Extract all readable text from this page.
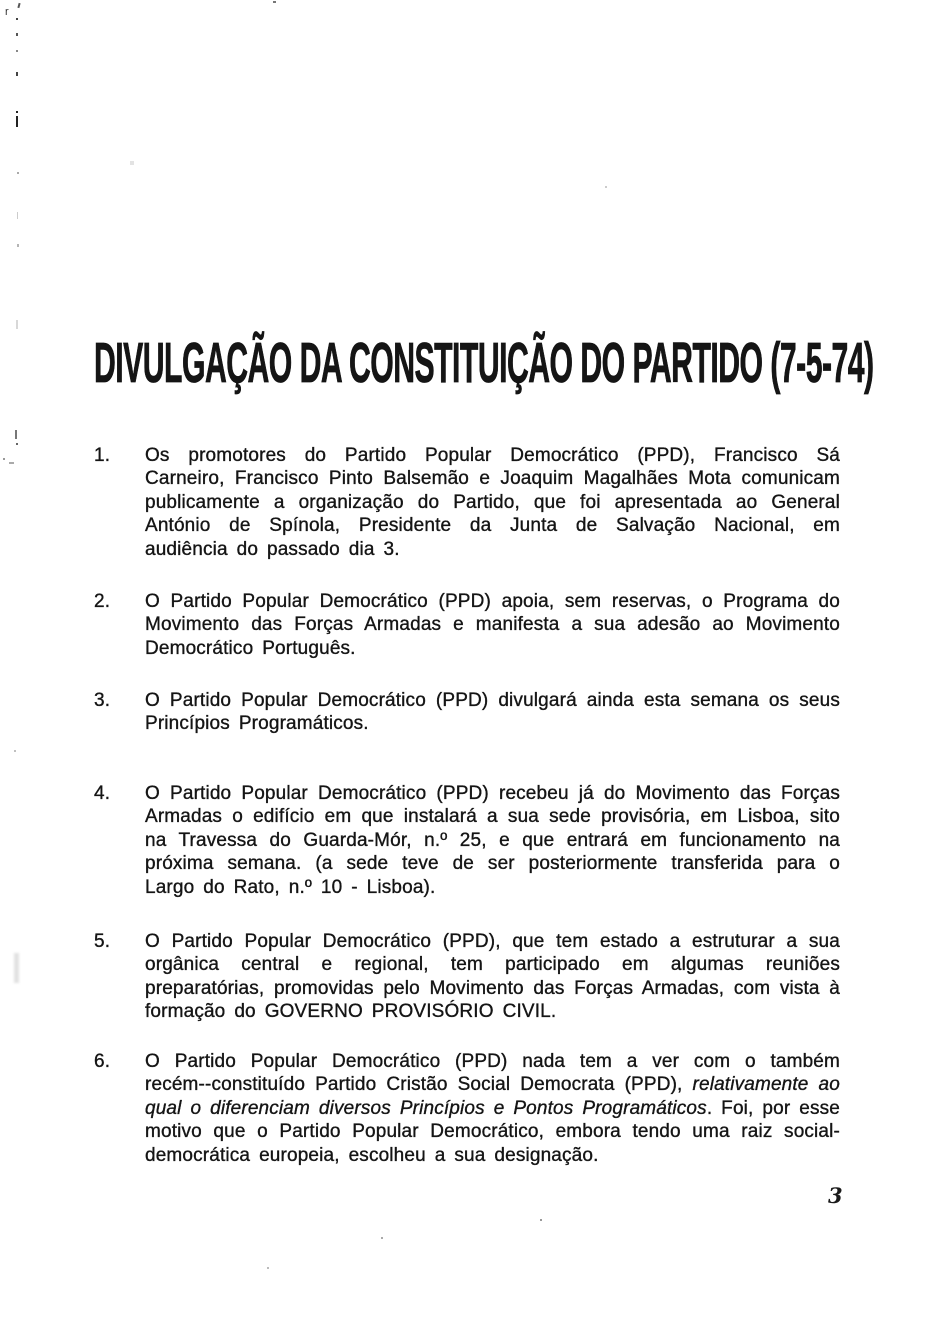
r
DIVULGAÇÃO DA CONSTITUIÇÃO DO PARTIDO (7-5-74)
1.	Os promotores do Partido Popular Democrático (PPD), Francisco Sá Carneiro, Francisco Pinto Balsemão e Joaquim Magalhães Mota comunicam publicamente a organização do Partido, que foi apresentada ao General António de Spínola, Presidente da Junta de Salvação Nacional, em audiência do passado dia 3.

2.	O Partido Popular Democrático (PPD) apoia, sem reservas, o Programa do Movimento das Forças Armadas e manifesta a sua adesão ao Movimento Democrático Português.

3.	O Partido Popular Democrático (PPD) divulgará ainda esta semana os seus Princípios Programáticos.

4.	O Partido Popular Democrático (PPD) recebeu já do Movimento das Forças Armadas o edifício em que instalará a sua sede provisória, em Lisboa, sito na Travessa do Guarda-Mór, n.º 25, e que entrará em funcionamento na próxima semana. (a sede teve de ser posteriormente transferida para o Largo do Rato, n.º 10 - Lisboa).

5.	O Partido Popular Democrático (PPD), que tem estado a estruturar a sua orgânica central e regional, tem participado em algumas reuniões preparatórias, promovidas pelo Movimento das Forças Armadas, com vista à formação do GOVERNO PROVISÓRIO CIVIL.

6.	O Partido Popular Democrático (PPD) nada tem a ver com o também recém--constituído Partido Cristão Social Democrata (PPD), relativamente ao qual o diferenciam diversos Princípios e Pontos Programáticos. Foi, por esse motivo que o Partido Popular Democrático, embora tendo uma raiz social-democrática europeia, escolheu a sua designação.

3
